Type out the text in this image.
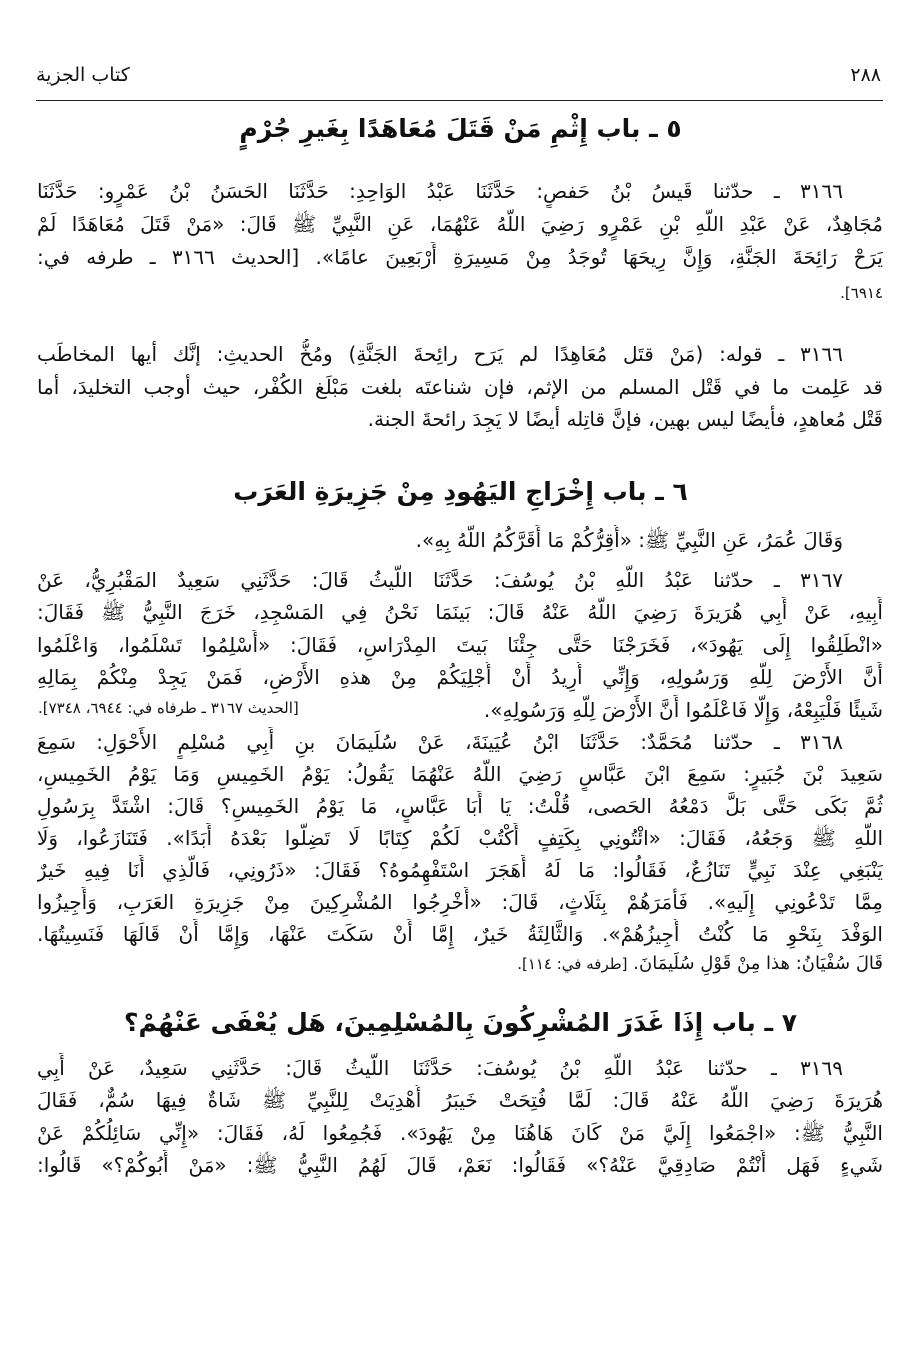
كتاب الجزية	٢٨٨
٥ ـ باب إِثْمِ مَنْ قَتَلَ مُعَاهَدًا بِغَيرِ جُرْمٍ
٣١٦٦ ـ حدّثنا قَيسُ بْنُ حَفصٍ: حَدَّثَنَا عَبْدُ الوَاحِدِ: حَدَّثَنَا الحَسَنُ بْنُ عَمْرٍو: حَدَّثَنَا
مُجَاهِدٌ، عَنْ عَبْدِ اللَّهِ بْنِ عَمْرٍو رَضِيَ اللَّهُ عَنْهُمَا، عَنِ النَّبِيِّ ﷺ قَالَ: «مَنْ قَتَلَ مُعَاهَدًا لَمْ
يَرَحْ رَائِحَةَ الجَنَّةِ، وَإِنَّ رِيحَهَا تُوجَدُ مِنْ مَسِيرَةِ أَرْبَعِينَ عامًا». [الحديث ٣١٦٦ ـ طرفه في:
٦٩١٤].
٣١٦٦ ـ قوله: (مَنْ قتَل مُعَاهِدًا لم يَرَح رائِحةَ الجَنَّةِ) ومُخُّ الحديثِ: إنَّك أيها المخاطَب
قد عَلِمت ما في قَتْل المسلم من الإثم، فإن شناعتَه بلغت مَبْلَغ الكُفْر، حيث أوجب التخليدَ، أما
قَتْل مُعاهدٍ، فأيضًا ليس بهين، فإنَّ قاتِله أيضًا لا يَجِدَ رائحةَ الجنة.
٦ ـ باب إِخْرَاجِ اليَهُودِ مِنْ جَزِيرَةِ العَرَب
وَقَالَ عُمَرُ، عَنِ النَّبِيِّ ﷺ: «أُقِرُّكُمْ مَا أَقَرَّكُمُ اللَّهُ بِهِ».
٣١٦٧ ـ حدّثنا عَبْدُ اللَّهِ بْنُ يُوسُفَ: حَدَّثَنَا اللَّيثُ قَالَ: حَدَّثَنِي سَعِيدٌ المَقْبُرِيُّ، عَنْ
أَبِيهِ، عَنْ أَبِي هُرَيرَةَ رَضِيَ اللَّهُ عَنْهُ قَالَ: بَينَمَا نَحْنُ فِي المَسْجِدِ، خَرَجَ النَّبِيُّ ﷺ فَقَالَ:
«انْطَلِقُوا إِلَى يَهُودَ»، فَخَرَجْنَا حَتَّى جِئْنَا بَيتَ المِدْرَاسِ، فَقَالَ: «أَسْلِمُوا تَسْلَمُوا، وَاعْلَمُوا
أَنَّ الأَرْضَ لِلَّهِ وَرَسُولِهِ، وَإِنِّي أُرِيدُ أَنْ أُجْلِيَكُمْ مِنْ هذهِ الأَرْضِ، فَمَنْ يَجِدْ مِنْكُمْ بِمَالِهِ
شَيئًا فَلْيَبِعْهُ، وَإِلَّا فَاعْلَمُوا أَنَّ الأَرْضَ لِلَّهِ وَرَسُولِهِ».
[الحديث ٣١٦٧ ـ طرفاه في: ٦٩٤٤، ٧٣٤٨].
٣١٦٨ ـ حدّثنا مُحَمَّدٌ: حَدَّثَنَا ابْنُ عُيَينَةَ، عَنْ سُلَيمَانَ بنِ أَبِي مُسْلِمٍ الأَحْوَلِ: سَمِعَ
سَعِيدَ بْنَ جُبَيرٍ: سَمِعَ ابْنَ عَبَّاسٍ رَضِيَ اللَّهُ عَنْهُمَا يَقُولُ: يَوْمُ الخَمِيسِ وَمَا يَوْمُ الخَمِيسِ،
ثُمَّ بَكَى حَتَّى بَلَّ دَمْعُهُ الحَصى، قُلْتُ: يَا أَبَا عَبَّاسٍ، مَا يَوْمُ الخَمِيسِ؟ قَالَ: اشْتَدَّ بِرَسُولِ
اللَّهِ ﷺ وَجَعُهُ، فَقَالَ: «ائْتُونِي بِكَتِفٍ أَكْتُبْ لَكُمْ كِتَابًا لَا تَضِلُّوا بَعْدَهُ أَبَدًا». فَتَنَازَعُوا، وَلَا
يَنْبَغِي عِنْدَ نَبِيٍّ تَنَازُعٌ، فَقَالُوا: مَا لَهُ أَهَجَرَ اسْتَفْهِمُوهُ؟ فَقَالَ: «ذَرُونِي، فَالَّذِي أَنَا فِيهِ خَيرٌ
مِمَّا تَدْعُونِي إِلَيهِ». فَأَمَرَهُمْ بِثَلَاثٍ، قَالَ: «أَخْرِجُوا المُشْرِكِينَ مِنْ جَزِيرَةِ العَرَبِ، وَأَجِيزُوا
الوَفْدَ بِنَحْوِ مَا كُنْتُ أُجِيزُهُمْ». وَالثَّالِثَةُ خَيرٌ، إِمَّا أَنْ سَكَتَ عَنْهَا، وَإِمَّا أَنْ قَالَهَا فَنَسِيتُهَا.
قَالَ سُفْيَانُ: هذا مِنْ قَوْلِ سُلَيمَانَ. [طرفه في: ١١٤].
٧ ـ باب إِذَا غَدَرَ المُشْرِكُونَ بِالمُسْلِمِينَ، هَل يُعْفَى عَنْهُمْ؟
٣١٦٩ ـ حدّثنا عَبْدُ اللَّهِ بْنُ يُوسُفَ: حَدَّثَنَا اللَّيثُ قَالَ: حَدَّثَنِي سَعِيدٌ، عَنْ أَبِي
هُرَيرَةَ رَضِيَ اللَّهُ عَنْهُ قَالَ: لَمَّا فُتِحَتْ خَيبَرُ أُهْدِيَتْ لِلنَّبِيِّ ﷺ شَاةٌ فِيهَا سُمٌّ، فَقَالَ
النَّبِيُّ ﷺ: «اجْمَعُوا إِلَيَّ مَنْ كَانَ هَاهُنَا مِنْ يَهُودَ». فَجُمِعُوا لَهُ، فَقَالَ: «إِنِّي سَائِلُكُمْ عَنْ
شَيءٍ فَهَل أَنْتُمْ صَادِقِيَّ عَنْهُ؟» فَقَالُوا: نَعَمْ، قَالَ لَهُمُ النَّبِيُّ ﷺ: «مَنْ أَبُوكُمْ؟» قَالُوا:
